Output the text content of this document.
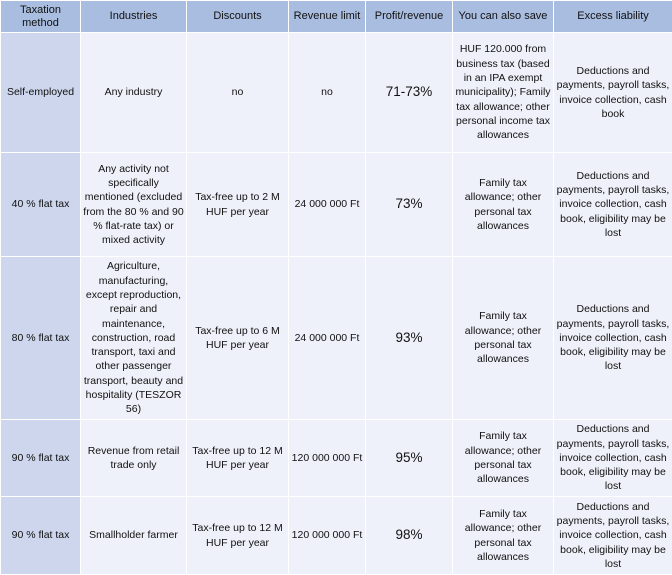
Taxation method	Industries	Discounts	Revenue limit	Profit/revenue	You can also save	Excess liability
Self-employed	Any industry	no	no	71-73%	HUF 120.000 from business tax (based in an IPA exempt municipality); Family tax allowance; other personal income tax allowances	Deductions and payments, payroll tasks, invoice collection, cash book
40 % flat tax	Any activity not specifically mentioned (excluded from the 80 % and 90 % flat-rate tax) or mixed activity	Tax-free up to 2 M HUF per year	24 000 000 Ft	73%	Family tax allowance; other personal tax allowances	Deductions and payments, payroll tasks, invoice collection, cash book, eligibility may be lost
80 % flat tax	Agriculture, manufacturing, except reproduction, repair and maintenance, construction, road transport, taxi and other passenger transport, beauty and hospitality (TESZOR 56)	Tax-free up to 6 M HUF per year	24 000 000 Ft	93%	Family tax allowance; other personal tax allowances	Deductions and payments, payroll tasks, invoice collection, cash book, eligibility may be lost
90 % flat tax	Revenue from retail trade only	Tax-free up to 12 M HUF per year	120 000 000 Ft	95%	Family tax allowance; other personal tax allowances	Deductions and payments, payroll tasks, invoice collection, cash book, eligibility may be lost
90 % flat tax	Smallholder farmer	Tax-free up to 12 M HUF per year	120 000 000 Ft	98%	Family tax allowance; other personal tax allowances	Deductions and payments, payroll tasks, invoice collection, cash book, eligibility may be lost
